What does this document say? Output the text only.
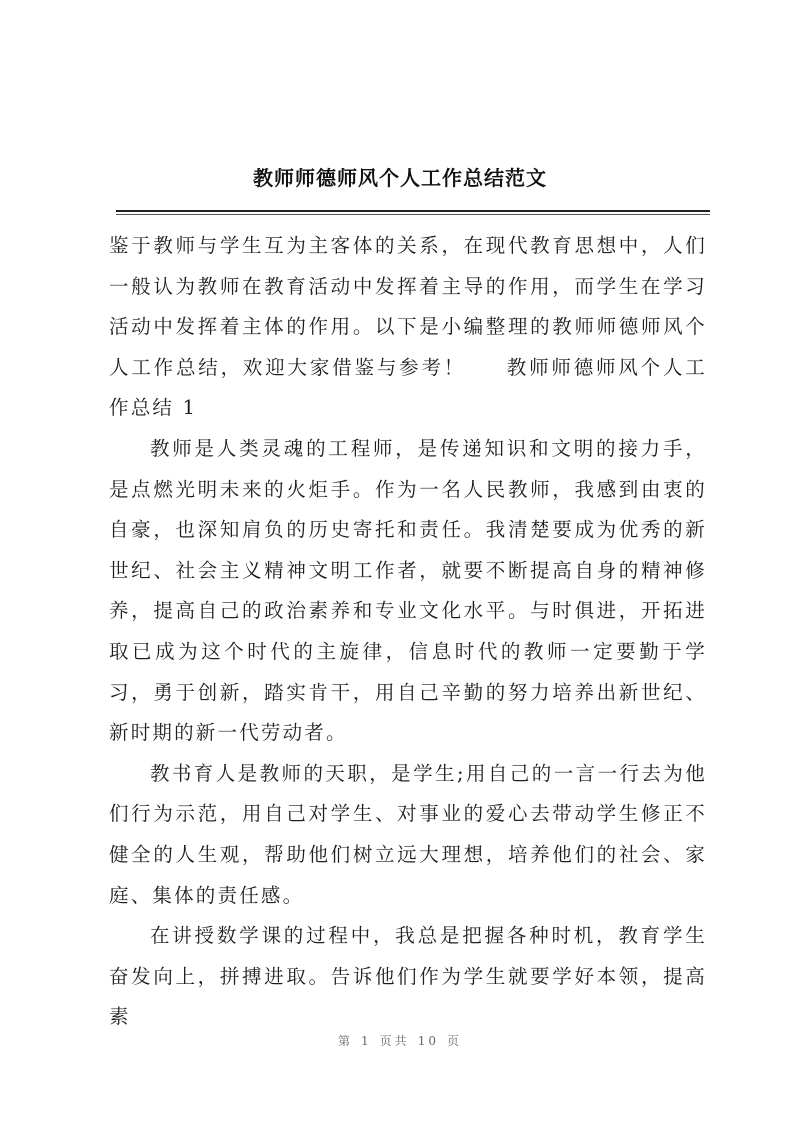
教师师德师风个人工作总结范文

鉴于教师与学生互为主客体的关系，在现代教育思想中，人们一般认为教师在教育活动中发挥着主导的作用，而学生在学习活动中发挥着主体的作用。以下是小编整理的教师师德师风个人工作总结，欢迎大家借鉴与参考！ 教师师德师风个人工作总结 1

教师是人类灵魂的工程师，是传递知识和文明的接力手，是点燃光明未来的火炬手。作为一名人民教师，我感到由衷的自豪，也深知肩负的历史寄托和责任。我清楚要成为优秀的新世纪、社会主义精神文明工作者，就要不断提高自身的精神修养，提高自己的政治素养和专业文化水平。与时俱进，开拓进取已成为这个时代的主旋律，信息时代的教师一定要勤于学习，勇于创新，踏实肯干，用自己辛勤的努力培养出新世纪、新时期的新一代劳动者。

教书育人是教师的天职，是学生;用自己的一言一行去为他们行为示范，用自己对学生、对事业的爱心去带动学生修正不健全的人生观，帮助他们树立远大理想，培养他们的社会、家庭、集体的责任感。

在讲授数学课的过程中，我总是把握各种时机，教育学生奋发向上，拼搏进取。告诉他们作为学生就要学好本领，提高素

第 1 页共 10 页
